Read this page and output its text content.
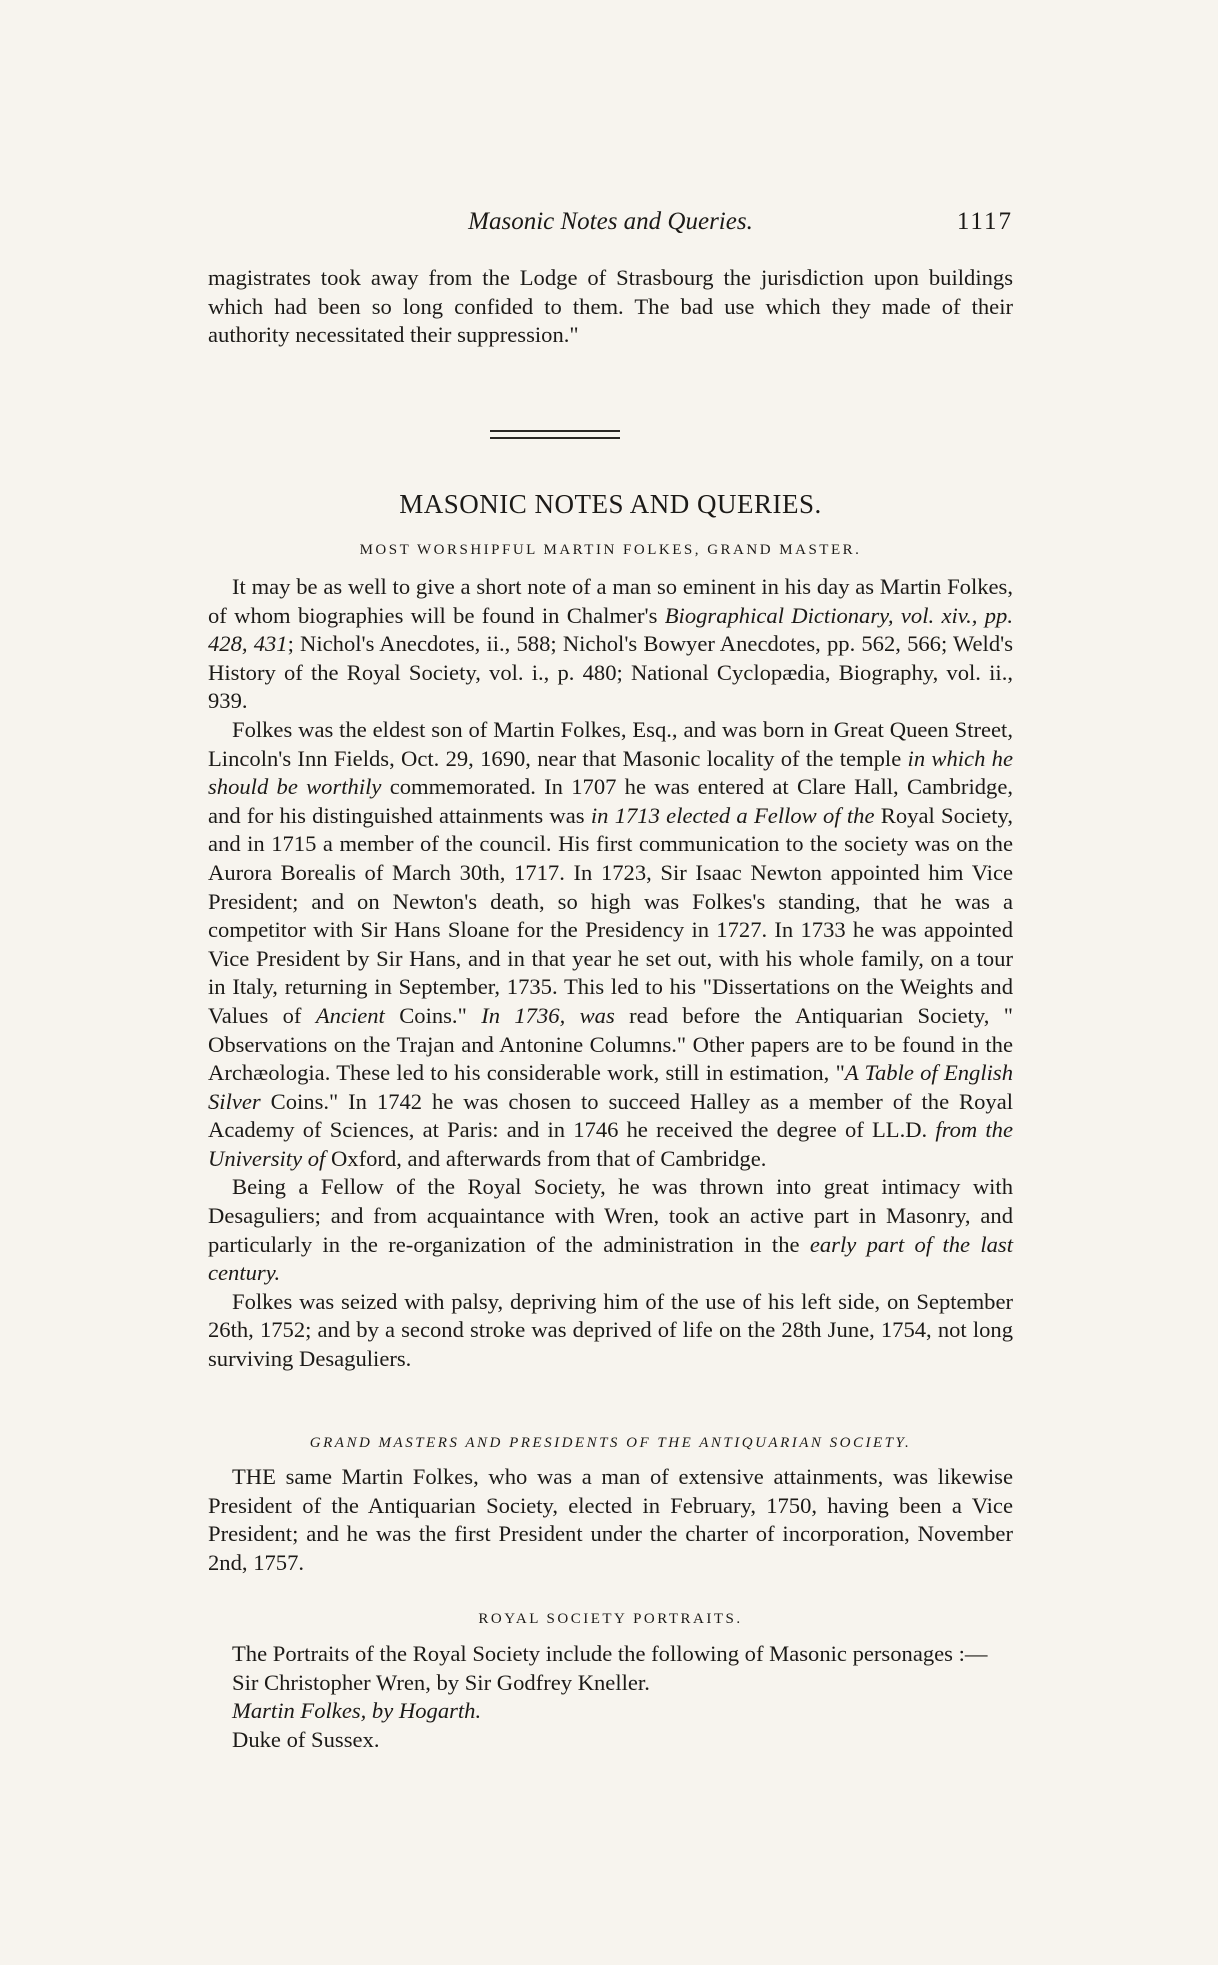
Masonic Notes and Queries.	1117

magistrates took away from the Lodge of Strasbourg the jurisdiction upon buildings which had been so long confided to them. The bad use which they made of their authority necessitated their suppression."

MASONIC NOTES AND QUERIES.
MOST WORSHIPFUL MARTIN FOLKES, GRAND MASTER.

It may be as well to give a short note of a man so eminent in his day as Martin Folkes, of whom biographies will be found in Chalmer's Biographical Dictionary, vol. xiv., pp. 428, 431; Nichol's Anecdotes, ii., 588; Nichol's Bowyer Anecdotes, pp. 562, 566; Weld's History of the Royal Society, vol. i., p. 480; National Cyclopædia, Biography, vol. ii., 939.

Folkes was the eldest son of Martin Folkes, Esq., and was born in Great Queen Street, Lincoln's Inn Fields, Oct. 29, 1690, near that Masonic locality of the temple in which he should be worthily commemorated. In 1707 he was entered at Clare Hall, Cambridge, and for his distinguished attainments was in 1713 elected a Fellow of the Royal Society, and in 1715 a member of the council. His first communication to the society was on the Aurora Borealis of March 30th, 1717. In 1723, Sir Isaac Newton appointed him Vice President; and on Newton's death, so high was Folkes's standing, that he was a competitor with Sir Hans Sloane for the Presidency in 1727. In 1733 he was appointed Vice President by Sir Hans, and in that year he set out, with his whole family, on a tour in Italy, returning in September, 1735. This led to his "Dissertations on the Weights and Values of Ancient Coins." In 1736, was read before the Antiquarian Society, " Observations on the Trajan and Antonine Columns." Other papers are to be found in the Archæologia. These led to his considerable work, still in estimation, "A Table of English Silver Coins." In 1742 he was chosen to succeed Halley as a member of the Royal Academy of Sciences, at Paris: and in 1746 he received the degree of LL.D. from the University of Oxford, and afterwards from that of Cambridge.

Being a Fellow of the Royal Society, he was thrown into great intimacy with Desaguliers; and from acquaintance with Wren, took an active part in Masonry, and particularly in the re-organization of the administration in the early part of the last century.

Folkes was seized with palsy, depriving him of the use of his left side, on September 26th, 1752; and by a second stroke was deprived of life on the 28th June, 1754, not long surviving Desaguliers.

GRAND MASTERS AND PRESIDENTS OF THE ANTIQUARIAN SOCIETY.

THE same Martin Folkes, who was a man of extensive attainments, was likewise President of the Antiquarian Society, elected in February, 1750, having been a Vice President; and he was the first President under the charter of incorporation, November 2nd, 1757.

ROYAL SOCIETY PORTRAITS.

The Portraits of the Royal Society include the following of Masonic personages :—

Sir Christopher Wren, by Sir Godfrey Kneller.
Martin Folkes, by Hogarth.
Duke of Sussex.
